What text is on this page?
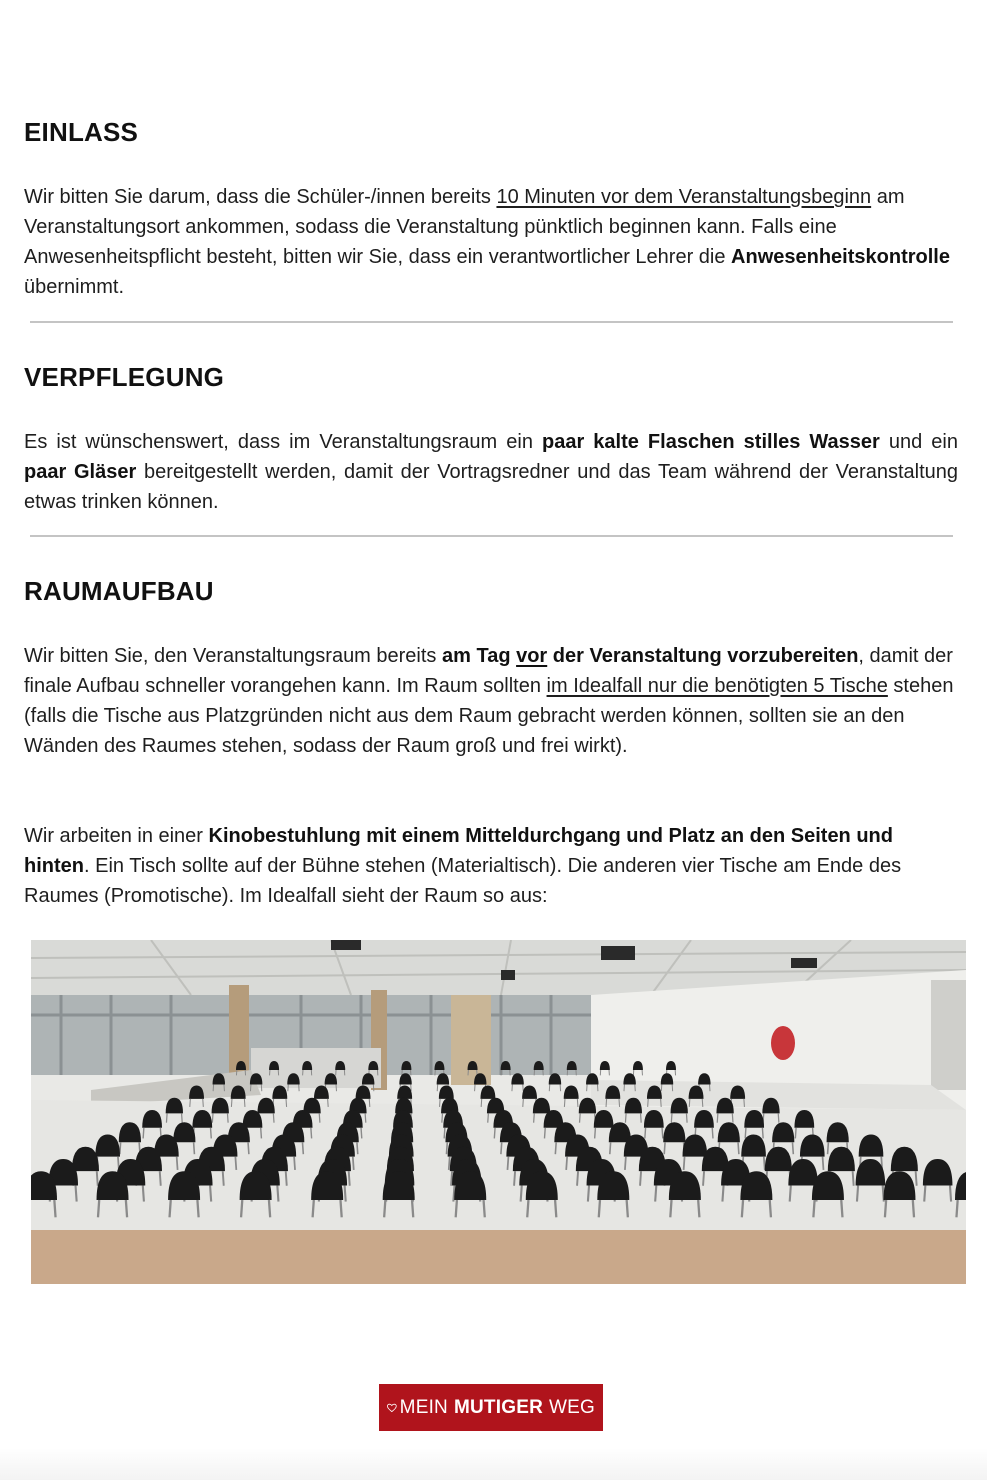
EINLASS

Wir bitten Sie darum, dass die Schüler-/innen bereits 10 Minuten vor dem Veranstaltungsbeginn am Veranstaltungsort ankommen, sodass die Veranstaltung pünktlich beginnen kann. Falls eine Anwesenheitspflicht besteht, bitten wir Sie, dass ein verantwortlicher Lehrer die Anwesenheitskontrolle übernimmt.

VERPFLEGUNG

Es ist wünschenswert, dass im Veranstaltungsraum ein paar kalte Flaschen stilles Wasser und ein paar Gläser bereitgestellt werden, damit der Vortragsredner und das Team während der Veranstaltung etwas trinken können.

RAUMAUFBAU

Wir bitten Sie, den Veranstaltungsraum bereits am Tag vor der Veranstaltung vorzubereiten, damit der finale Aufbau schneller vorangehen kann. Im Raum sollten im Idealfall nur die benötigten 5 Tische stehen (falls die Tische aus Platzgründen nicht aus dem Raum gebracht werden können, sollten sie an den Wänden des Raumes stehen, sodass der Raum groß und frei wirkt).

Wir arbeiten in einer Kinobestuhlung mit einem Mitteldurchgang und Platz an den Seiten und hinten. Ein Tisch sollte auf der Bühne stehen (Materialtisch). Die anderen vier Tische am Ende des Raumes (Promotische). Im Idealfall sieht der Raum so aus:

MEIN MUTIGER WEG
